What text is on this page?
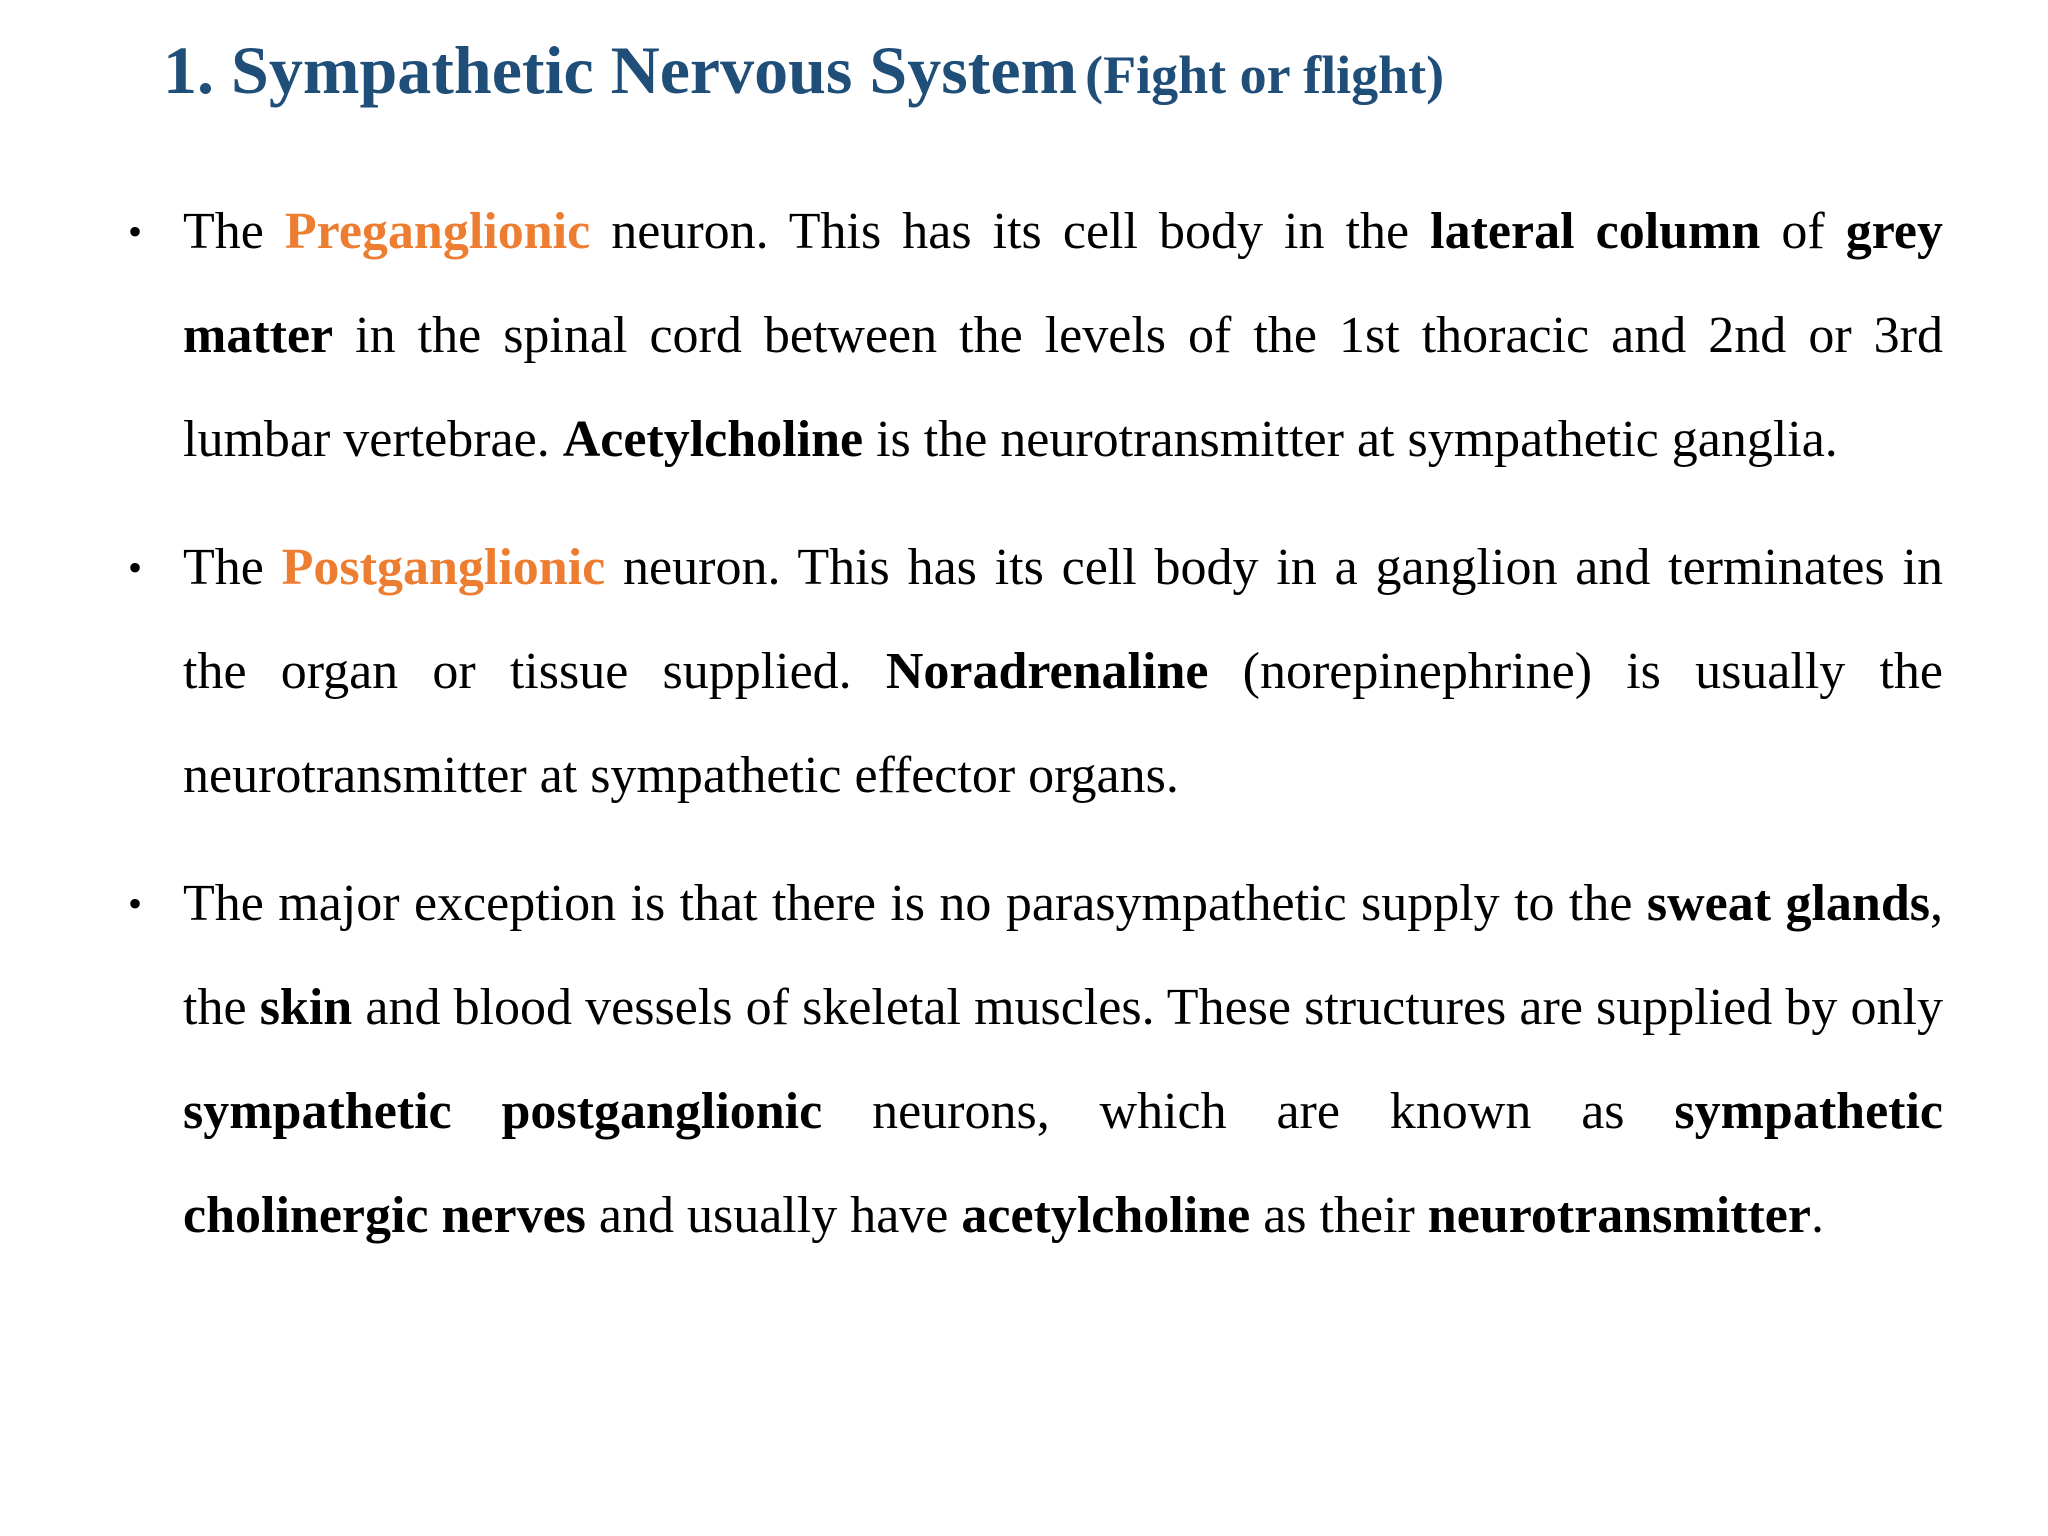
1. Sympathetic Nervous System (Fight or flight)
• The Preganglionic neuron. This has its cell body in the lateral column of grey matter in the spinal cord between the levels of the 1st thoracic and 2nd or 3rd lumbar vertebrae. Acetylcholine is the neurotransmitter at sympathetic ganglia.
• The Postganglionic neuron. This has its cell body in a ganglion and terminates in the organ or tissue supplied. Noradrenaline (norepinephrine) is usually the neurotransmitter at sympathetic effector organs.
• The major exception is that there is no parasympathetic supply to the sweat glands, the skin and blood vessels of skeletal muscles. These structures are supplied by only sympathetic postganglionic neurons, which are known as sympathetic cholinergic nerves and usually have acetylcholine as their neurotransmitter.
